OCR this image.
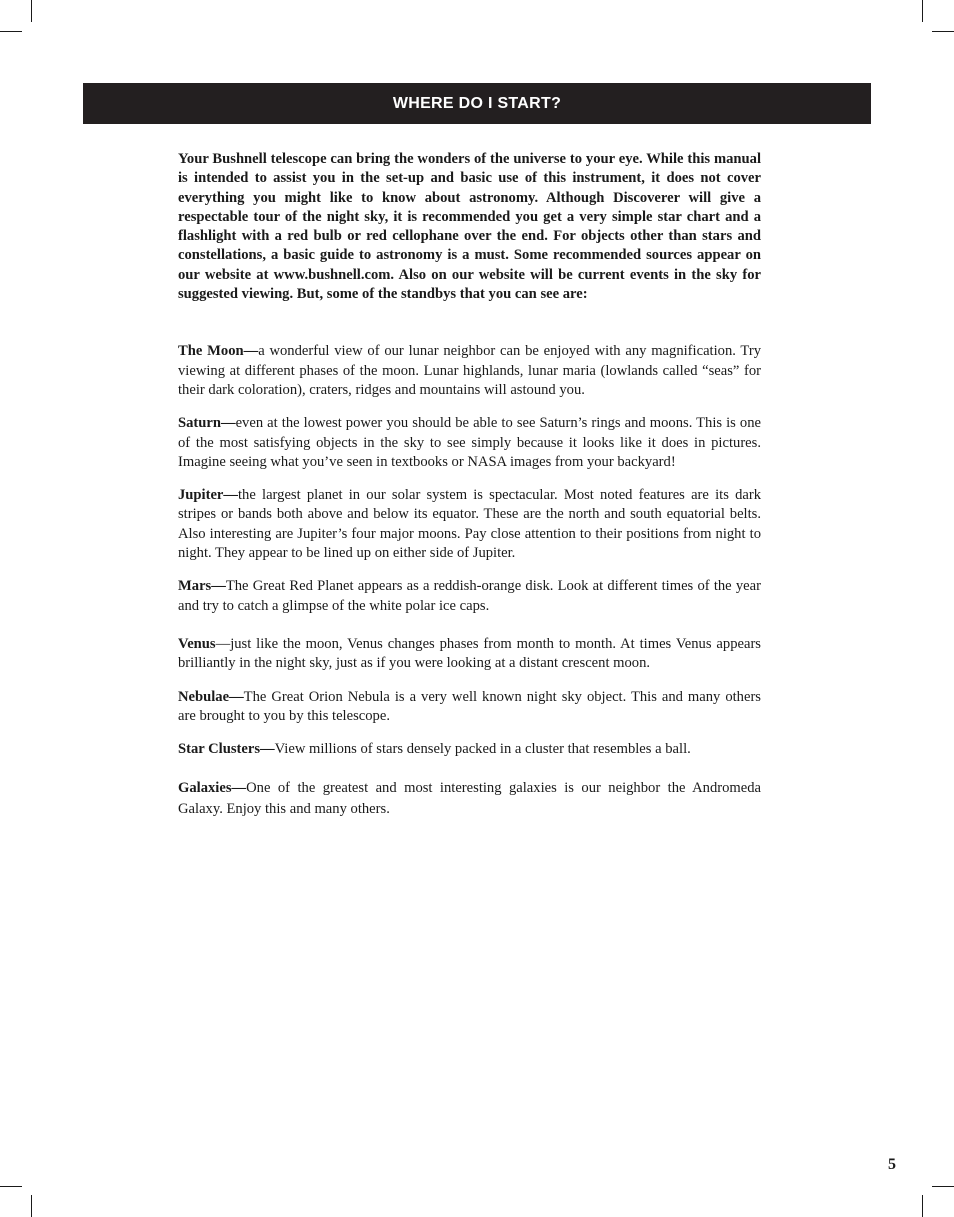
WHERE DO I START?

Your Bushnell telescope can bring the wonders of the universe to your eye. While this manual is intended to assist you in the set-up and basic use of this instrument, it does not cover everything you might like to know about astronomy. Although Discoverer will give a respectable tour of the night sky, it is recommended you get a very simple star chart and a flashlight with a red bulb or red cellophane over the end. For objects other than stars and constellations, a basic guide to astronomy is a must. Some recommended sources appear on our website at www.bushnell.com. Also on our website will be current events in the sky for suggested viewing. But, some of the standbys that you can see are:

The Moon—a wonderful view of our lunar neighbor can be enjoyed with any magnification. Try viewing at different phases of the moon. Lunar highlands, lunar maria (lowlands called “seas” for their dark coloration), craters, ridges and mountains will astound you.

Saturn—even at the lowest power you should be able to see Saturn’s rings and moons. This is one of the most satisfying objects in the sky to see simply because it looks like it does in pictures. Imagine seeing what you’ve seen in textbooks or NASA images from your backyard!

Jupiter—the largest planet in our solar system is spectacular. Most noted features are its dark stripes or bands both above and below its equator. These are the north and south equatorial belts. Also interesting are Jupiter’s four major moons. Pay close attention to their positions from night to night. They appear to be lined up on either side of Jupiter.

Mars—The Great Red Planet appears as a reddish-orange disk. Look at different times of the year and try to catch a glimpse of the white polar ice caps.

Venus—just like the moon, Venus changes phases from month to month. At times Venus appears brilliantly in the night sky, just as if you were looking at a distant crescent moon.

Nebulae—The Great Orion Nebula is a very well known night sky object. This and many others are brought to you by this telescope.

Star Clusters—View millions of stars densely packed in a cluster that resembles a ball.

Galaxies—One of the greatest and most interesting galaxies is our neighbor the Andromeda Galaxy. Enjoy this and many others.

5
